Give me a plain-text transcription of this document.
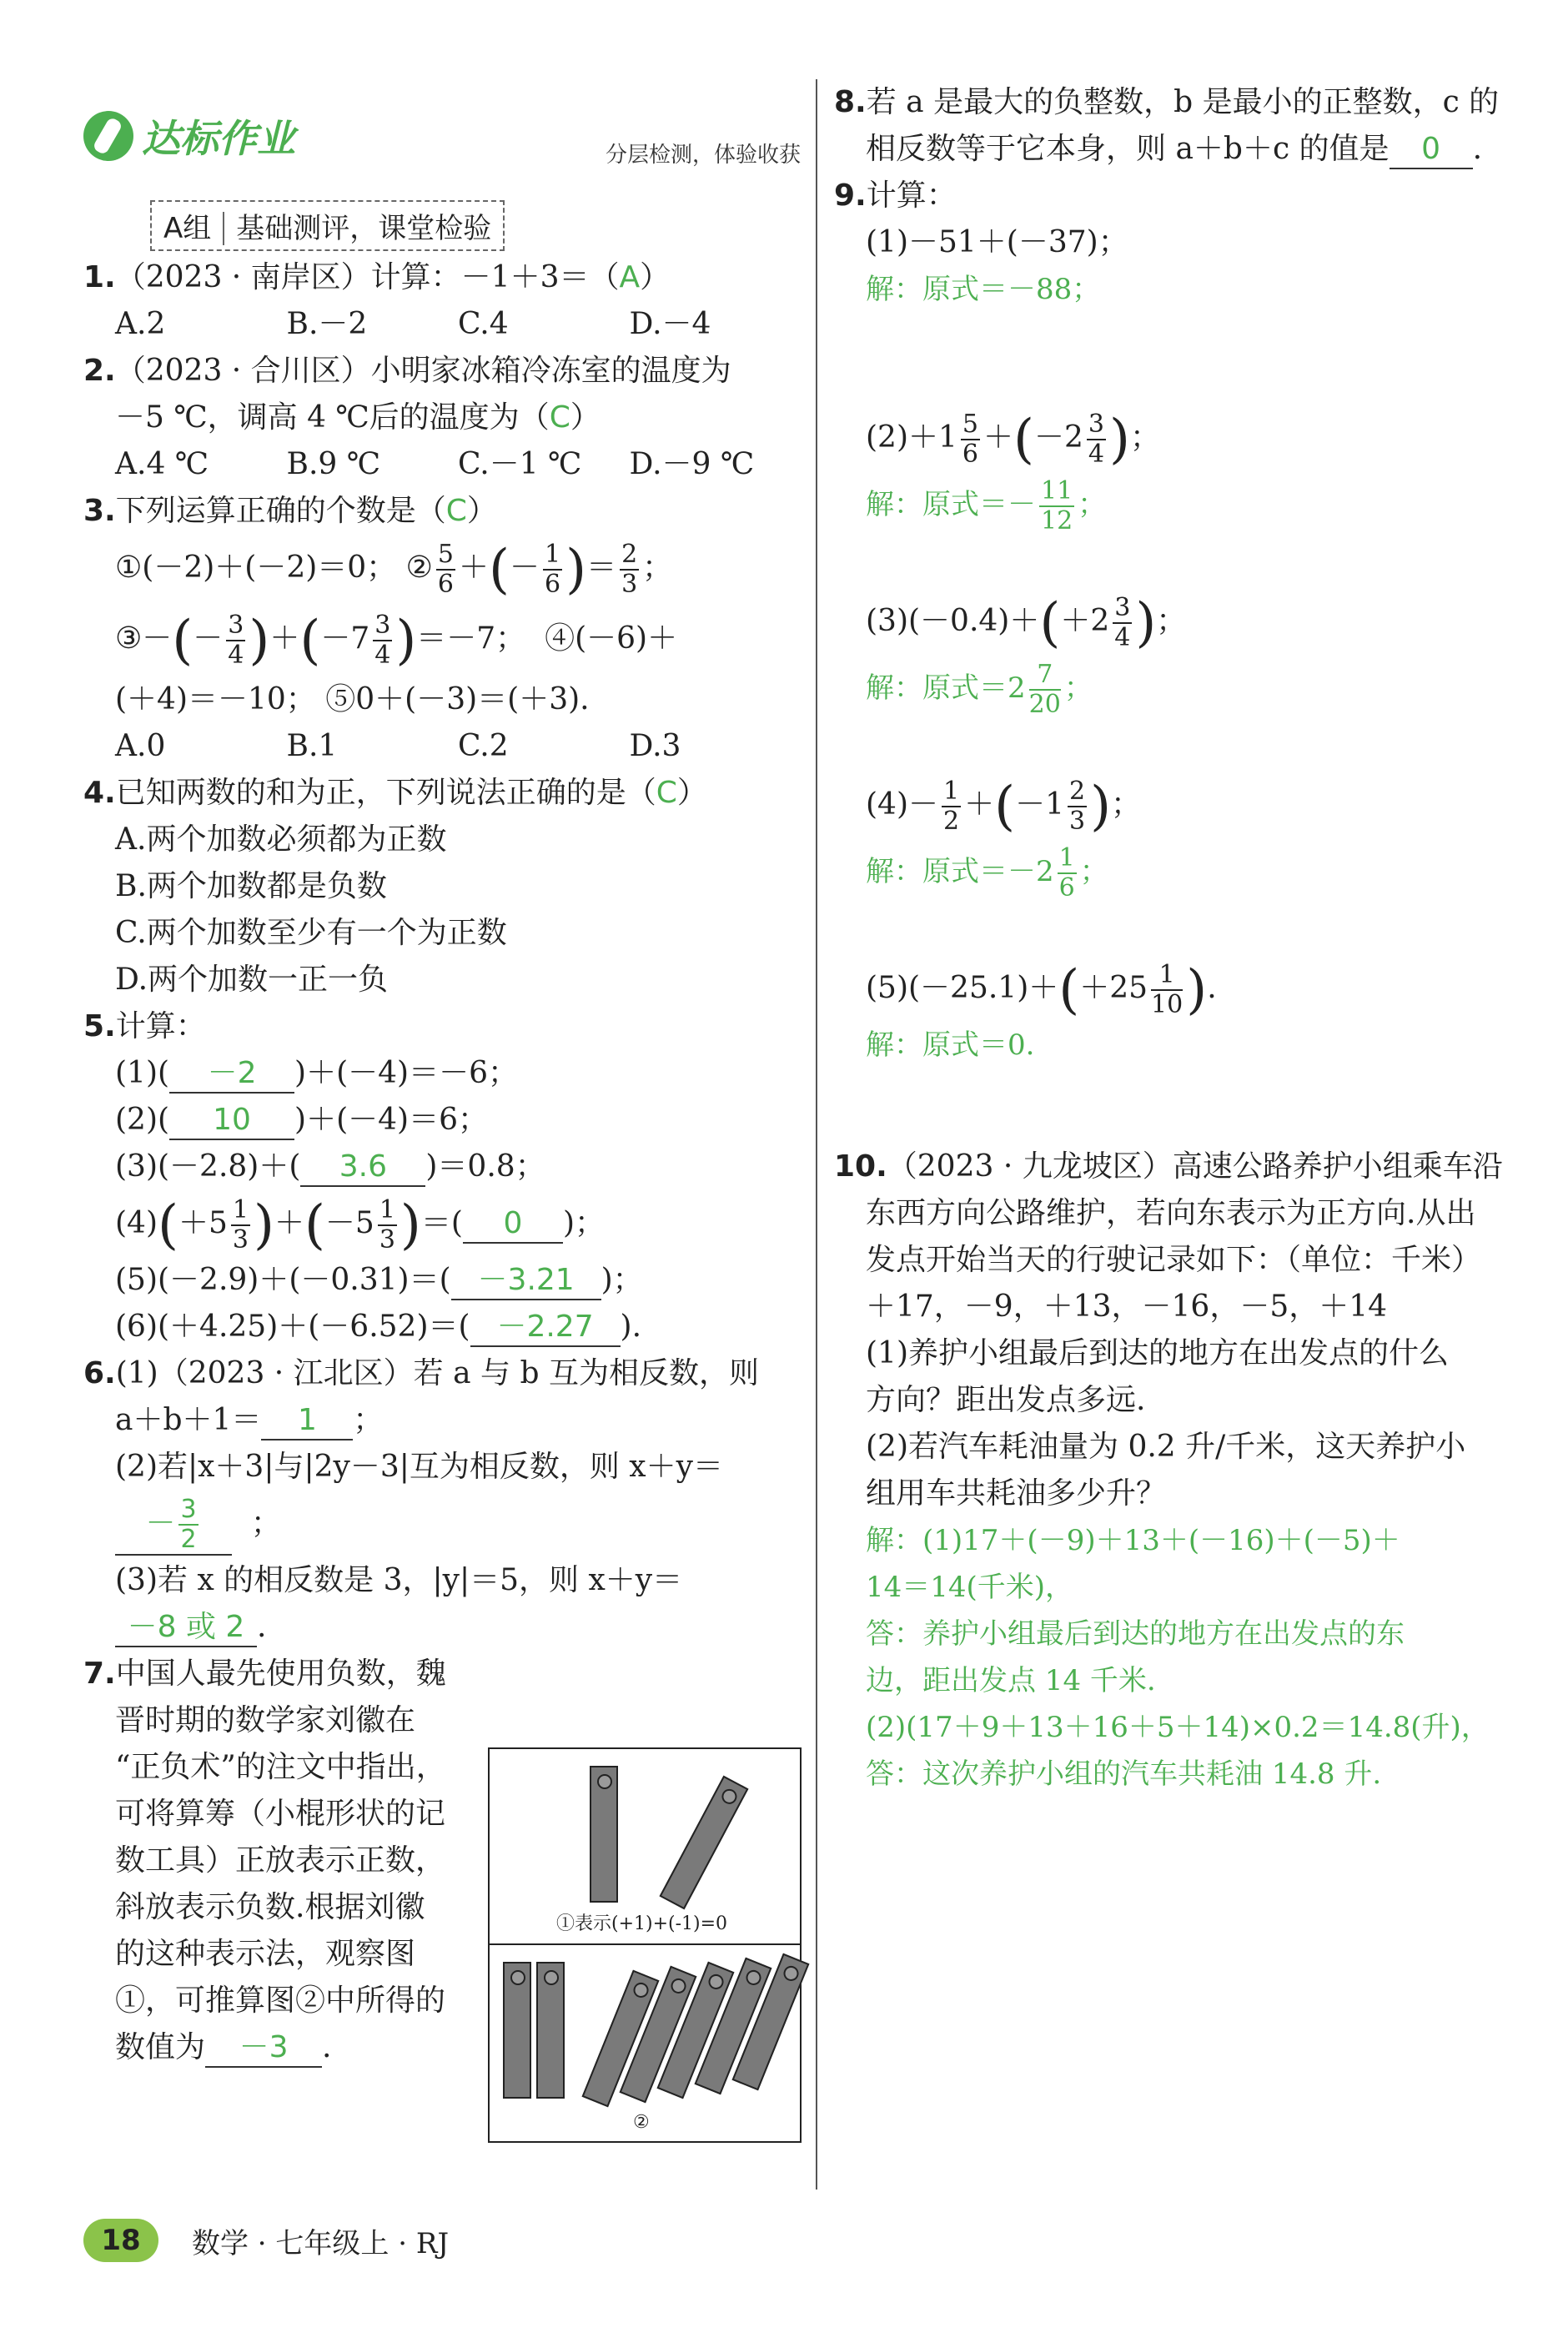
达标作业	分层检测，体验收获
A组 基础测评，课堂检验
1.（2023 · 南岸区）计算：－1＋3＝（A）
A.2	B.－2	C.4	D.－4
2.（2023 · 合川区）小明家冰箱冷冻室的温度为
－5 ℃，调高 4 ℃后的温度为（C）
A.4 ℃	B.9 ℃	C.－1 ℃	D.－9 ℃
3.下列运算正确的个数是（C）
①(－2)＋(－2)＝0； ② $\frac{5}{6}$ ＋(－ $\frac{1}{6}$ )＝ $\frac{2}{3}$ ；
③－(－ $\frac{3}{4} )+(-7 \frac{3}{4} )=-7$；  ④(－6)＋
(＋4)＝－10； ⑤0＋(－3)＝(＋3).
A.0	B.1	C.2	D.3
4.已知两数的和为正，下列说法正确的是（C）
A.两个加数必须都为正数
B.两个加数都是负数
C.两个加数至少有一个为正数
D.两个加数一正一负
5.计算：
(1)( －2 )＋(－4)＝－6；
(2)( 10 )＋(－4)＝6；
(3)(－2.8)＋( 3.6 )＝0.8；
$(4)(+5 \frac{1}{3} )+(-5 \frac{1}{3}$ )＝( 0 )；
(5)(－2.9)＋(－0.31)＝( －3.21 )；
(6)(＋4.25)＋(－6.52)＝( －2.27 ).
6.(1)（2023 · 江北区）若 a 与 b 互为相反数，则
a＋b＋1＝ 1 ；
(2)若|x＋3|与|2y－3|互为相反数，则 x＋y＝
－ $\frac{3}{2}$ ；
(3)若 x 的相反数是 3，|y|＝5，则 x＋y＝
－8 或 2 .
7.中国人最先使用负数，魏
晋时期的数学家刘徽在
“正负术”的注文中指出，
可将算筹（小棍形状的记
数工具）正放表示正数，
斜放表示负数.根据刘徽
的这种表示法，观察图
①，可推算图②中所得的
数值为 －3 .
①表示(+1)+(-1)=0
②
8.若 a 是最大的负整数，b 是最小的正整数，c 的
相反数等于它本身，则 a＋b＋c 的值是 0 .
9.计算：
(1)－51＋(－37)；
解：原式＝－88；
$(2)+1 \frac{5}{6} +(-2 \frac{3}{4}$ )；
解：原式＝－ $\frac{11}{12}$ ；
$(3)(-0.4)+(+2 \frac{3}{4}$ )；
解：原式$=2 \frac{7}{20}$ ；
$(4)- \frac{1}{2} +(-1 \frac{2}{3}$ )；
解：原式$=-2 \frac{1}{6}$ ；
$(5)(-25.1)+(+25 \frac{1}{10}$ ).
解：原式＝0.
10.（2023 · 九龙坡区）高速公路养护小组乘车沿
东西方向公路维护，若向东表示为正方向.从出
发点开始当天的行驶记录如下：（单位：千米）
＋17，－9，＋13，－16，－5，＋14
(1)养护小组最后到达的地方在出发点的什么
方向？距出发点多远.
(2)若汽车耗油量为 0.2 升/千米，这天养护小
组用车共耗油多少升？
解：(1)17＋(－9)＋13＋(－16)＋(－5)＋
14＝14(千米)，
答：养护小组最后到达的地方在出发点的东
边，距出发点 14 千米.
(2)(17＋9＋13＋16＋5＋14)×0.2＝14.8(升)，
答：这次养护小组的汽车共耗油 14.8 升.
18	数学 · 七年级上 · RJ
